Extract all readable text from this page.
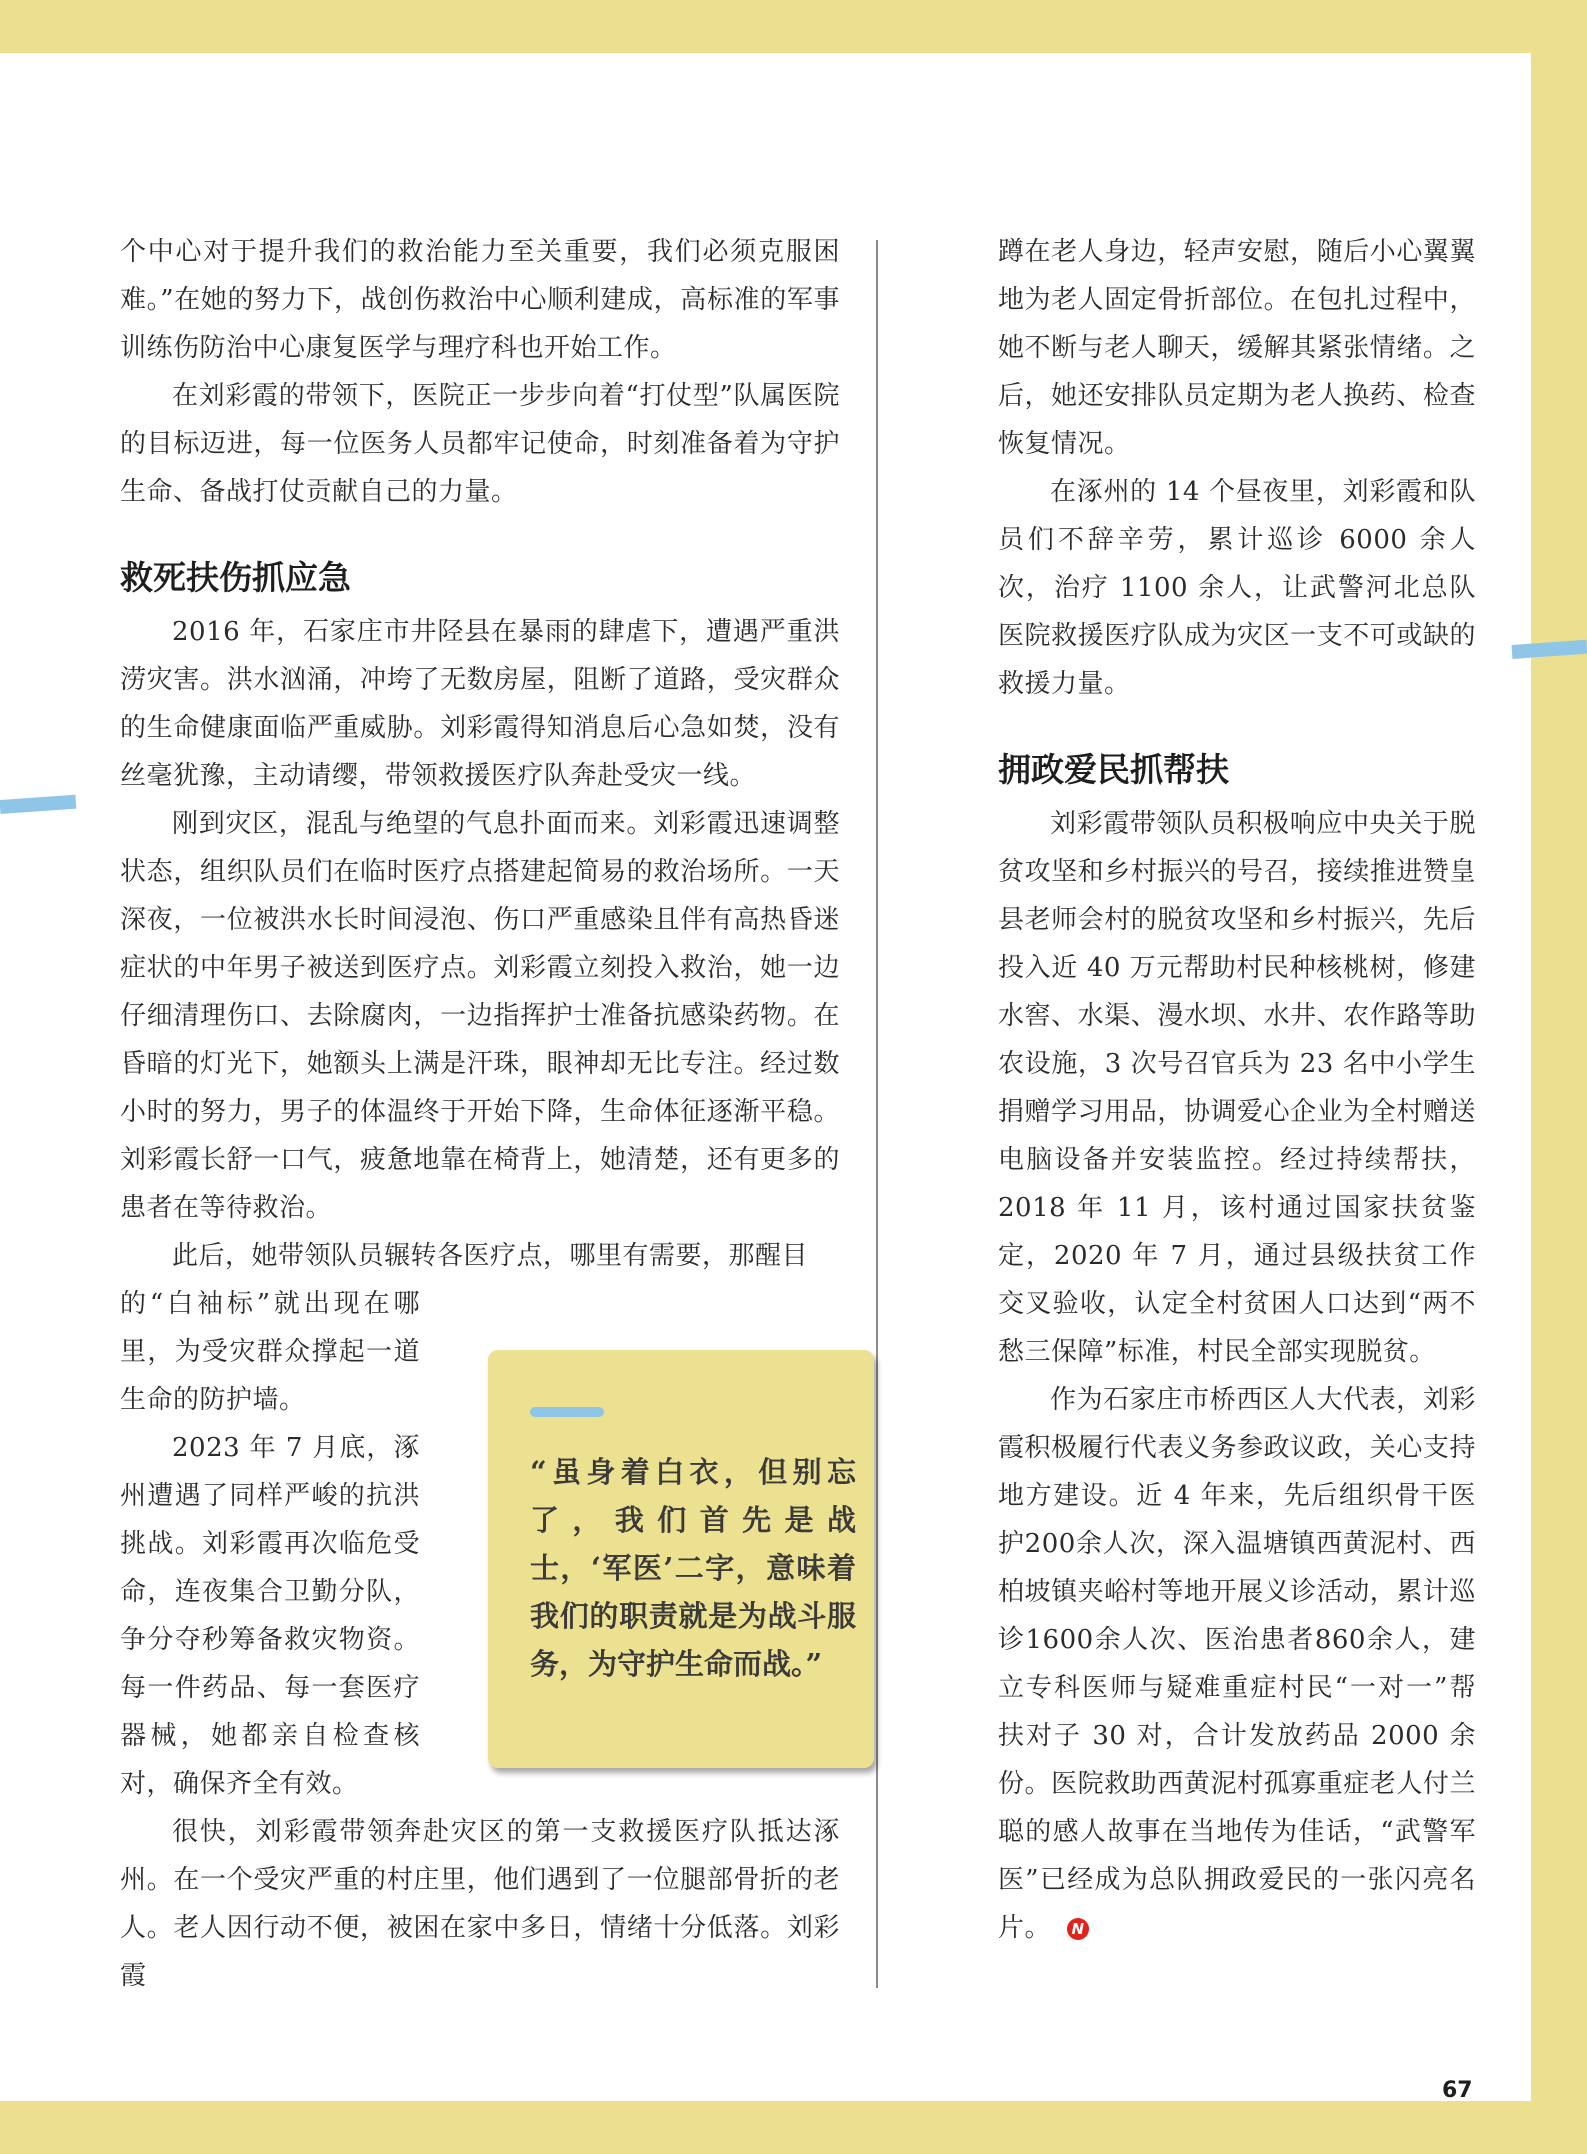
个中心对于提升我们的救治能力至关重要，我们必须克服困难。”在她的努力下，战创伤救治中心顺利建成，高标准的军事训练伤防治中心康复医学与理疗科也开始工作。

在刘彩霞的带领下，医院正一步步向着“打仗型”队属医院的目标迈进，每一位医务人员都牢记使命，时刻准备着为守护生命、备战打仗贡献自己的力量。

救死扶伤抓应急

2016 年，石家庄市井陉县在暴雨的肆虐下，遭遇严重洪涝灾害。洪水汹涌，冲垮了无数房屋，阻断了道路，受灾群众的生命健康面临严重威胁。刘彩霞得知消息后心急如焚，没有丝毫犹豫，主动请缨，带领救援医疗队奔赴受灾一线。

刚到灾区，混乱与绝望的气息扑面而来。刘彩霞迅速调整状态，组织队员们在临时医疗点搭建起简易的救治场所。一天深夜，一位被洪水长时间浸泡、伤口严重感染且伴有高热昏迷症状的中年男子被送到医疗点。刘彩霞立刻投入救治，她一边仔细清理伤口、去除腐肉，一边指挥护士准备抗感染药物。在昏暗的灯光下，她额头上满是汗珠，眼神却无比专注。经过数小时的努力，男子的体温终于开始下降，生命体征逐渐平稳。刘彩霞长舒一口气，疲惫地靠在椅背上，她清楚，还有更多的患者在等待救治。

此后，她带领队员辗转各医疗点，哪里有需要，那醒目

的“白袖标”就出现在哪里，为受灾群众撑起一道生命的防护墙。

2023 年 7 月底，涿州遭遇了同样严峻的抗洪挑战。刘彩霞再次临危受命，连夜集合卫勤分队，争分夺秒筹备救灾物资。每一件药品、每一套医疗器械，她都亲自检查核对，确保齐全有效。

很快，刘彩霞带领奔赴灾区的第一支救援医疗队抵达涿州。在一个受灾严重的村庄里，他们遇到了一位腿部骨折的老人。老人因行动不便，被困在家中多日，情绪十分低落。刘彩霞

“虽身着白衣，但别忘了，我们首先是战士，‘军医’二字，意味着我们的职责就是为战斗服务，为守护生命而战。”

蹲在老人身边，轻声安慰，随后小心翼翼地为老人固定骨折部位。在包扎过程中，她不断与老人聊天，缓解其紧张情绪。之后，她还安排队员定期为老人换药、检查恢复情况。

在涿州的 14 个昼夜里，刘彩霞和队员们不辞辛劳，累计巡诊 6000 余人次，治疗 1100 余人，让武警河北总队医院救援医疗队成为灾区一支不可或缺的救援力量。

拥政爱民抓帮扶

刘彩霞带领队员积极响应中央关于脱贫攻坚和乡村振兴的号召，接续推进赞皇县老师会村的脱贫攻坚和乡村振兴，先后投入近 40 万元帮助村民种核桃树，修建水窖、水渠、漫水坝、水井、农作路等助农设施，3 次号召官兵为 23 名中小学生捐赠学习用品，协调爱心企业为全村赠送电脑设备并安装监控。经过持续帮扶，2018 年 11 月，该村通过国家扶贫鉴定，2020 年 7 月，通过县级扶贫工作交叉验收，认定全村贫困人口达到“两不愁三保障”标准，村民全部实现脱贫。

作为石家庄市桥西区人大代表，刘彩霞积极履行代表义务参政议政，关心支持地方建设。近 4 年来，先后组织骨干医护200余人次，深入温塘镇西黄泥村、西柏坡镇夹峪村等地开展义诊活动，累计巡诊1600余人次、医治患者860余人，建立专科医师与疑难重症村民“一对一”帮扶对子 30 对，合计发放药品 2000 余份。医院救助西黄泥村孤寡重症老人付兰聪的感人故事在当地传为佳话，“武警军医”已经成为总队拥政爱民的一张闪亮名片。 N

67
